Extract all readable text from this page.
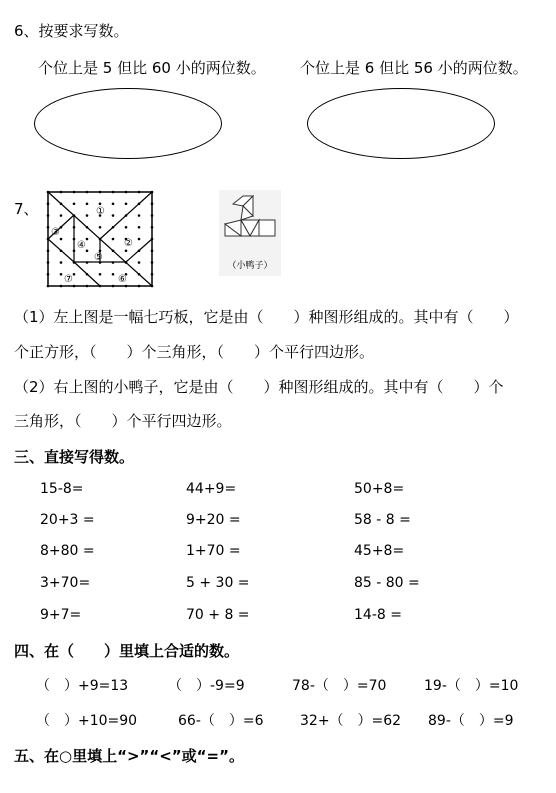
6、按要求写数。
个位上是 5 但比 60 小的两位数。 个位上是 6 但比 56 小的两位数。
7、	①
②
③
④
⑤
⑥
⑦
（小鸭子）
（1）左上图是一幅七巧板，它是由（　　）种图形组成的。其中有（　　）
个正方形，（　　）个三角形，（　　）个平行四边形。
（2）右上图的小鸭子，它是由（　　）种图形组成的。其中有（　　）个
三角形，（　　）个平行四边形。
三、直接写得数。
15-8=	44+9=	50+8=
20+3 =	9+20 =	58 - 8 =
8+80 =	1+70 =	45+8=
3+70=	5 + 30 =	85 - 80 =
9+7=	70 + 8 =	14-8 =
四、在（　　）里填上合适的数。
（　）+9=13	（　）-9=9	78-（　）=70	19-（　）=10
（　）+10=90	66-（　）=6	32+（　）=62 89-（　）=9
五、在○里填上“>”“<”或“=”。
